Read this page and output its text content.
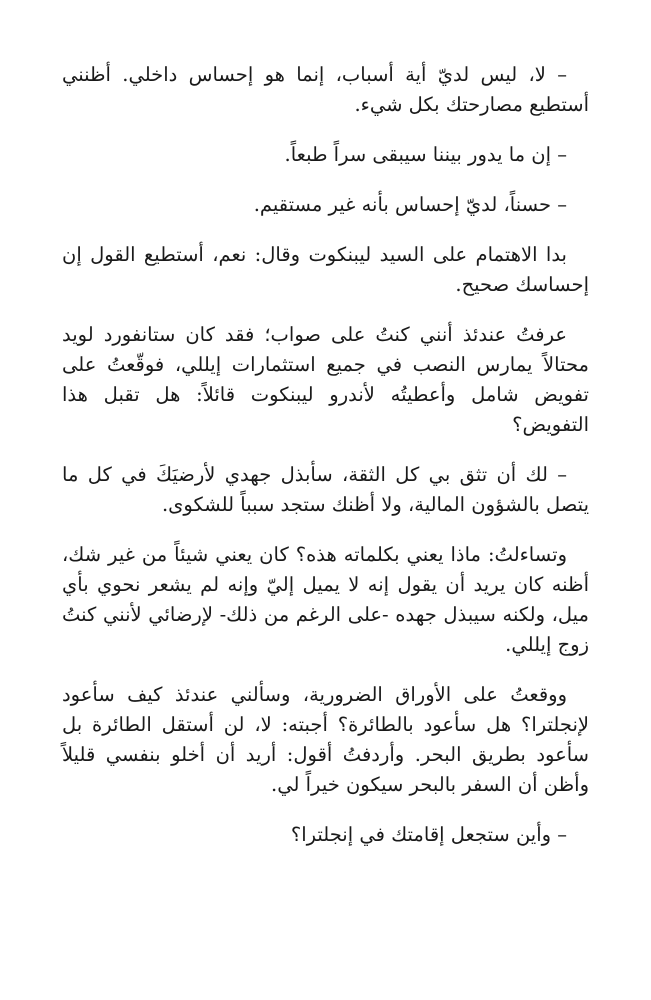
– لا، ليس لديّ أية أسباب، إنما هو إحساس داخلي. أظنني أستطيع مصارحتك بكل شيء.

– إن ما يدور بيننا سيبقى سراً طبعاً.

– حسناً، لديّ إحساس بأنه غير مستقيم.

بدا الاهتمام على السيد ليبنكوت وقال: نعم، أستطيع القول إن إحساسك صحيح.

عرفتُ عندئذ أنني كنتُ على صواب؛ فقد كان ستانفورد لويد محتالاً يمارس النصب في جميع استثمارات إيللي، فوقّعتُ على تفويض شامل وأعطيتُه لأندرو ليبنكوت قائلاً: هل تقبل هذا التفويض؟

– لك أن تثق بي كل الثقة، سأبذل جهدي لأرضيَكَ في كل ما يتصل بالشؤون المالية، ولا أظنك ستجد سبباً للشكوى.

وتساءلتُ: ماذا يعني بكلماته هذه؟ كان يعني شيئاً من غير شك، أظنه كان يريد أن يقول إنه لا يميل إليّ وإنه لم يشعر نحوي بأي ميل، ولكنه سيبذل جهده -على الرغم من ذلك- لإرضائي لأنني كنتُ زوج إيللي.

ووقعتُ على الأوراق الضرورية، وسألني عندئذ كيف سأعود لإنجلترا؟ هل سأعود بالطائرة؟ أجبته: لا، لن أستقل الطائرة بل سأعود بطريق البحر. وأردفتُ أقول: أريد أن أخلو بنفسي قليلاً وأظن أن السفر بالبحر سيكون خيراً لي.

– وأين ستجعل إقامتك في إنجلترا؟
